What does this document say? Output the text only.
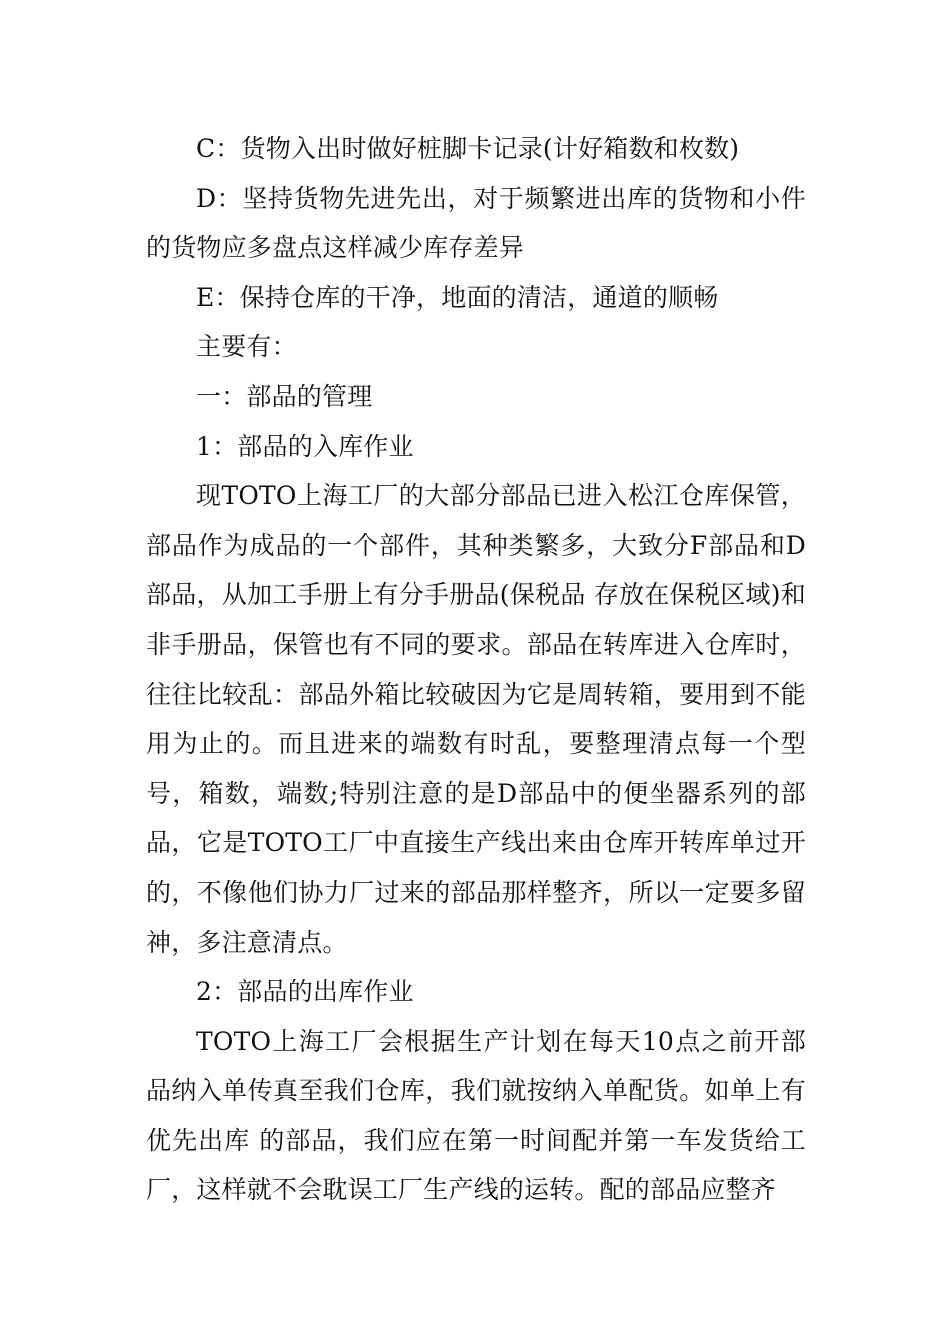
C：货物入出时做好桩脚卡记录(计好箱数和枚数)

D：坚持货物先进先出，对于频繁进出库的货物和小件的货物应多盘点这样减少库存差异

E：保持仓库的干净，地面的清洁，通道的顺畅

主要有：

一：部品的管理

1：部品的入库作业

现TOTO上海工厂的大部分部品已进入松江仓库保管，部品作为成品的一个部件，其种类繁多，大致分F部品和D部品，从加工手册上有分手册品(保税品 存放在保税区域)和非手册品，保管也有不同的要求。部品在转库进入仓库时，往往比较乱：部品外箱比较破因为它是周转箱，要用到不能用为止的。而且进来的端数有时乱，要整理清点每一个型号，箱数，端数;特别注意的是D部品中的便坐器系列的部品，它是TOTO工厂中直接生产线出来由仓库开转库单过开的，不像他们协力厂过来的部品那样整齐，所以一定要多留神，多注意清点。

2：部品的出库作业

TOTO上海工厂会根据生产计划在每天10点之前开部品纳入单传真至我们仓库，我们就按纳入单配货。如单上有优先出库 的部品，我们应在第一时间配并第一车发货给工厂，这样就不会耽误工厂生产线的运转。配的部品应整齐
